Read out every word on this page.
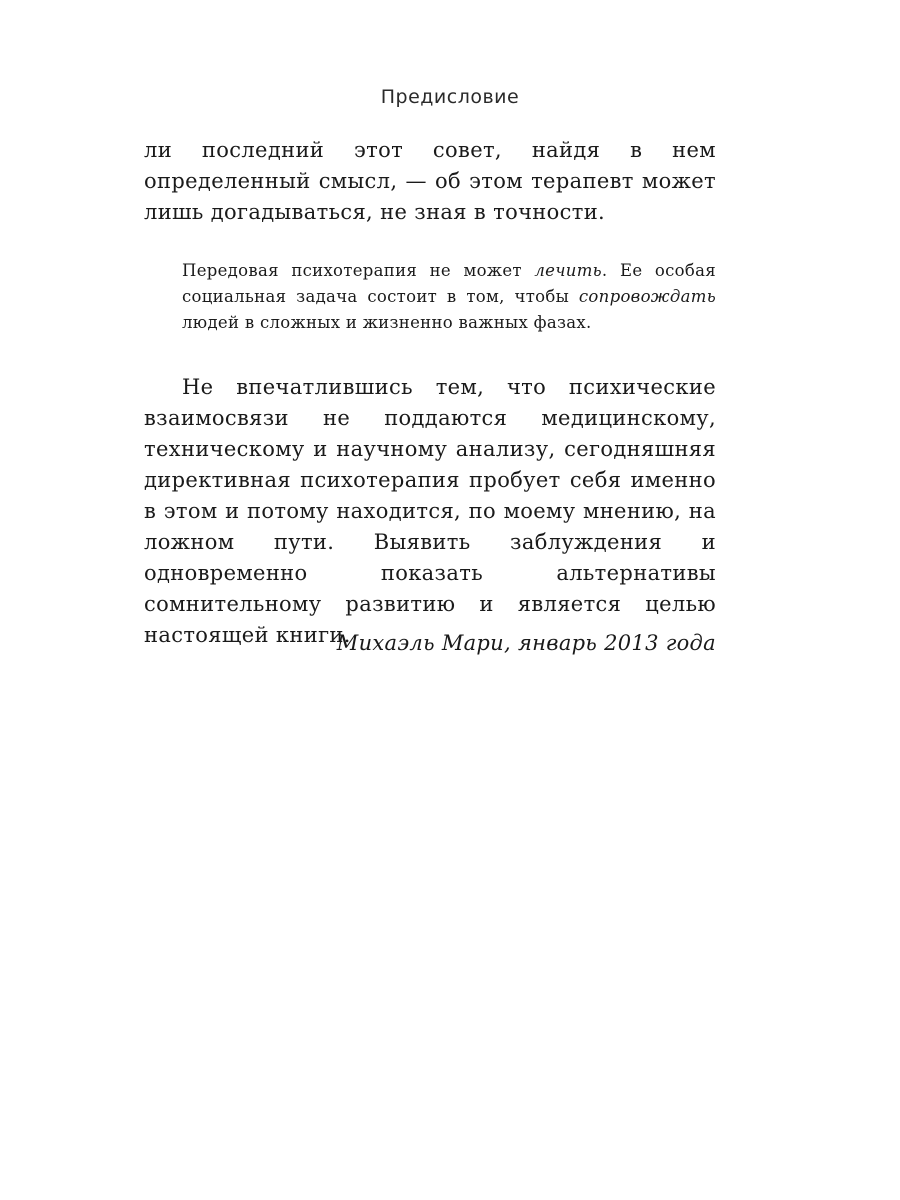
Предисловие

ли последний этот совет, найдя в нем определенный смысл, — об этом терапевт может лишь догадываться, не зная в точности.

Передовая психотерапия не может лечить. Ее особая социальная задача состоит в том, чтобы сопровождать людей в сложных и жизненно важных фазах.

Не впечатлившись тем, что психические взаимосвязи не поддаются медицинскому, техническому и научному анализу, сегодняшняя директивная психотерапия пробует себя именно в этом и потому находится, по моему мнению, на ложном пути. Выявить заблуждения и одновременно показать альтернативы сомнительному развитию и является целью настоящей книги.

Михаэль Мари, январь 2013 года
